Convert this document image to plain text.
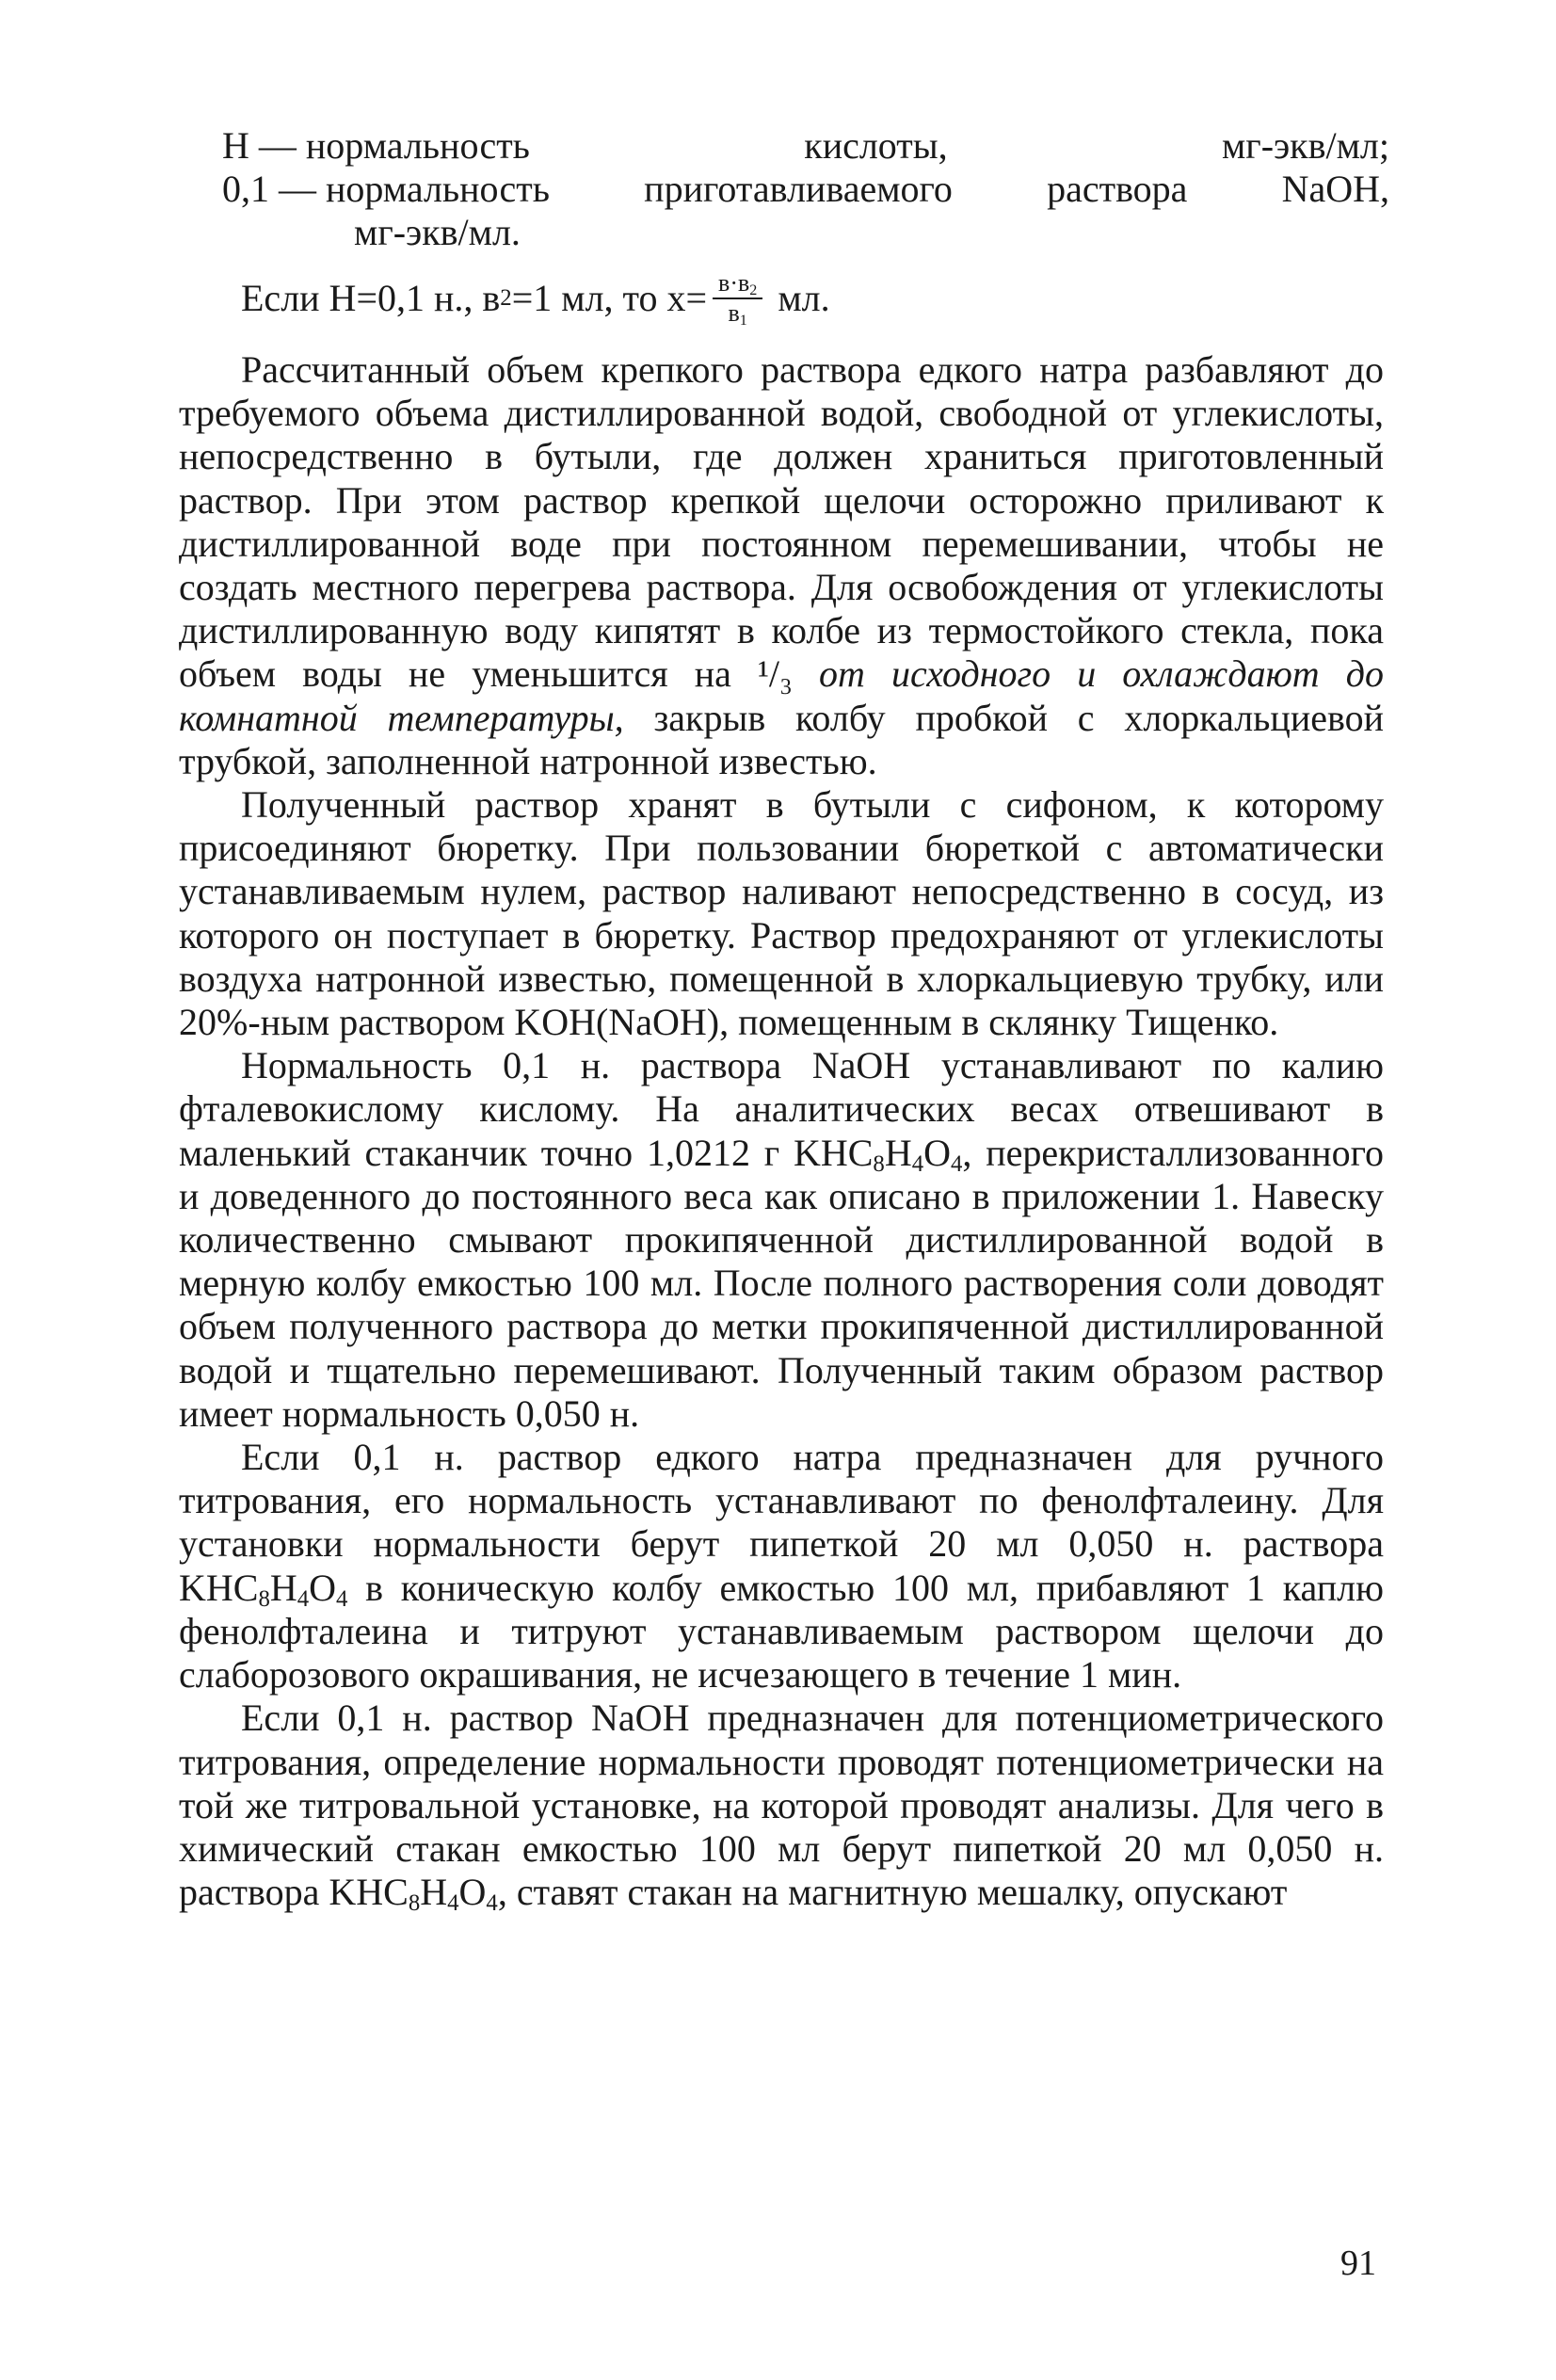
Н — нормальность кислоты, мг-экв/мл;
0,1 — нормальность приготавливаемого раствора NaOH,
мг-экв/мл.
Если Н=0,1 н., в 2 =1 мл, то $х= \frac{в\cdot в_2}{в_1}$ мл.

Рассчитанный объем крепкого раствора едкого натра разбавляют до требуемого объема дистиллированной водой, свободной от углекислоты, непосредственно в бутыли, где должен храниться приготовленный раствор. При этом раствор крепкой щелочи осторожно приливают к дистиллированной воде при постоянном перемешивании, чтобы не создать местного перегрева раствора. Для освобождения от углекислоты дистиллированную воду кипятят в колбе из термостойкого стекла, пока объем воды не уменьшится на ¹/₃ от исходного и охлаждают до комнатной температуры, закрыв колбу пробкой с хлоркальциевой трубкой, заполненной натронной известью.

Полученный раствор хранят в бутыли с сифоном, к которому присоединяют бюретку. При пользовании бюреткой с автоматически устанавливаемым нулем, раствор наливают непосредственно в сосуд, из которого он поступает в бюретку. Раствор предохраняют от углекислоты воздуха натронной известью, помещенной в хлоркальциевую трубку, или 20%-ным раствором KOH(NaOH), помещенным в склянку Тищенко.

Нормальность 0,1 н. раствора NaOH устанавливают по калию фталевокислому кислому. На аналитических весах отвешивают в маленький стаканчик точно 1,0212 г $KHC_8H_4O_4$, перекристаллизованного и доведенного до постоянного веса как описано в приложении 1. Навеску количественно смывают прокипяченной дистиллированной водой в мерную колбу емкостью 100 мл. После полного растворения соли доводят объем полученного раствора до метки прокипяченной дистиллированной водой и тщательно перемешивают. Полученный таким образом раствор имеет нормальность 0,050 н.

Если 0,1 н. раствор едкого натра предназначен для ручного титрования, его нормальность устанавливают по фенолфталеину. Для установки нормальности берут пипеткой 20 мл 0,050 н. раствора $KHC_8H_4O_4$ в коническую колбу емкостью 100 мл, прибавляют 1 каплю фенолфталеина и титруют устанавливаемым раствором щелочи до слаборозового окрашивания, не исчезающего в течение 1 мин.

Если 0,1 н. раствор NaOH предназначен для потенциометрического титрования, определение нормальности проводят потенциометрически на той же титровальной установке, на которой проводят анализы. Для чего в химический стакан емкостью 100 мл берут пипеткой 20 мл 0,050 н. раствора $KHC_8H_4O_4$, ставят стакан на магнитную мешалку, опускают

91
